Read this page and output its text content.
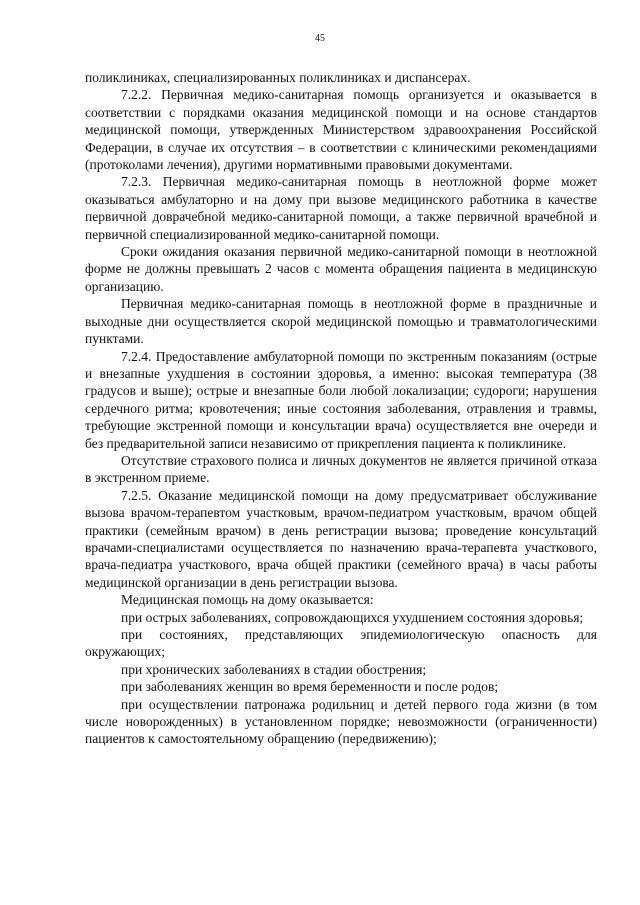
45

поликлиниках, специализированных поликлиниках и диспансерах.

7.2.2. Первичная медико-санитарная помощь организуется и оказывается в соответствии с порядками оказания медицинской помощи и на основе стандартов медицинской помощи, утвержденных Министерством здравоохранения Российской Федерации, в случае их отсутствия – в соответствии с клиническими рекомендациями (протоколами лечения), другими нормативными правовыми документами.

7.2.3. Первичная медико-санитарная помощь в неотложной форме может оказываться амбулаторно и на дому при вызове медицинского работника в качестве первичной доврачебной медико-санитарной помощи, а также первичной врачебной и первичной специализированной медико-санитарной помощи.

Сроки ожидания оказания первичной медико-санитарной помощи в неотложной форме не должны превышать 2 часов с момента обращения пациента в медицинскую организацию.

Первичная медико-санитарная помощь в неотложной форме в праздничные и выходные дни осуществляется скорой медицинской помощью и травматологическими пунктами.

7.2.4. Предоставление амбулаторной помощи по экстренным показаниям (острые и внезапные ухудшения в состоянии здоровья, а именно: высокая температура (38 градусов и выше); острые и внезапные боли любой локализации; судороги; нарушения сердечного ритма; кровотечения; иные состояния заболевания, отравления и травмы, требующие экстренной помощи и консультации врача) осуществляется вне очереди и без предварительной записи независимо от прикрепления пациента к поликлинике.

Отсутствие страхового полиса и личных документов не является причиной отказа в экстренном приеме.

7.2.5. Оказание медицинской помощи на дому предусматривает обслуживание вызова врачом-терапевтом участковым, врачом-педиатром участковым, врачом общей практики (семейным врачом) в день регистрации вызова; проведение консультаций врачами-специалистами осуществляется по назначению врача-терапевта участкового, врача-педиатра участкового, врача общей практики (семейного врача) в часы работы медицинской организации в день регистрации вызова.

Медицинская помощь на дому оказывается:

при острых заболеваниях, сопровождающихся ухудшением состояния здоровья;

при состояниях, представляющих эпидемиологическую опасность для окружающих;

при хронических заболеваниях в стадии обострения;

при заболеваниях женщин во время беременности и после родов;

при осуществлении патронажа родильниц и детей первого года жизни (в том числе новорожденных) в установленном порядке; невозможности (ограниченности) пациентов к самостоятельному обращению (передвижению);
